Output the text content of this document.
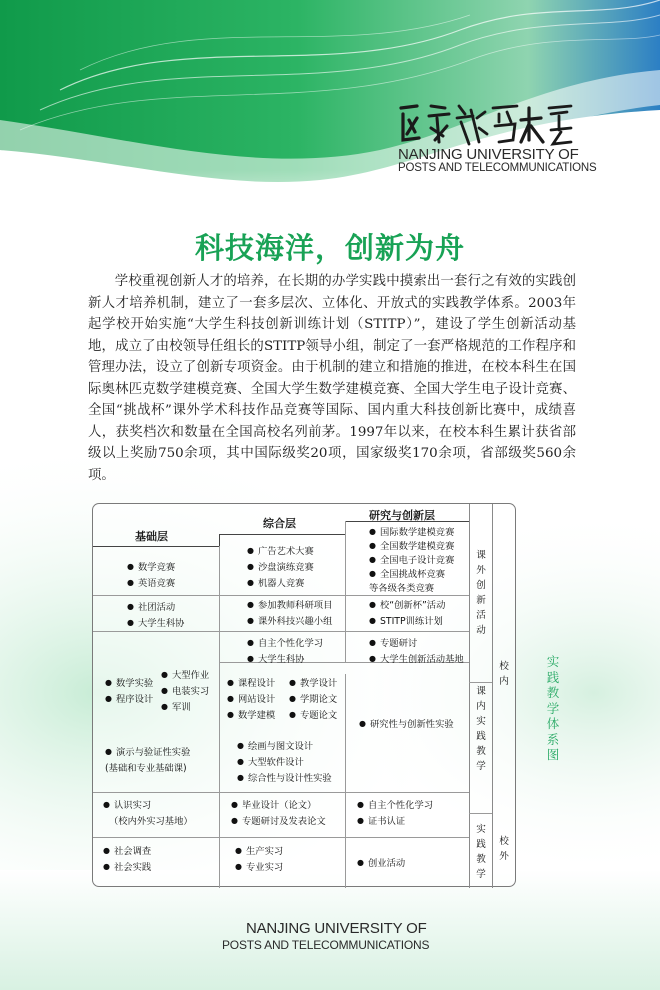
NANJING UNIVERSITY OF
POSTS AND TELECOMMUNICATIONS
科技海洋，创新为舟
学校重视创新人才的培养，在长期的办学实践中摸索出一套行之有效的实践创新人才培养机制，建立了一套多层次、立体化、开放式的实践教学体系。2003年起学校开始实施“大学生科技创新训练计划（STITP）”，建设了学生创新活动基地，成立了由校领导任组长的STITP领导小组，制定了一套严格规范的工作程序和管理办法，设立了创新专项资金。由于机制的建立和措施的推进，在校本科生在国际奥林匹克数学建模竞赛、全国大学生数学建模竞赛、全国大学生电子设计竞赛、全国“挑战杯”课外学术科技作品竞赛等国际、国内重大科技创新比赛中，成绩喜人，获奖档次和数量在全国高校名列前茅。1997年以来，在校本科生累计获省部级以上奖励750余项，其中国际级奖20项，国家级奖170余项，省部级奖560余项。
基础层
综合层
研究与创新层
● 数学竞赛
● 英语竞赛
● 广告艺术大赛
● 沙盘演练竞赛
● 机器人竞赛
● 国际数学建模竞赛
● 全国数学建模竞赛
● 全国电子设计竞赛
● 全国挑战杯竞赛
等各级各类竞赛
● 社团活动
● 大学生科协
● 参加教师科研项目
● 课外科技兴趣小组
● 校“创新杯”活动
● STITP训练计划
● 自主个性化学习
● 大学生科协
● 专题研讨
● 大学生创新活动基地
● 数学实验
● 程序设计
● 大型作业
● 电装实习
● 军训
● 演示与验证性实验
(基础和专业基础课)
● 课程设计
● 网站设计
● 数学建模
● 教学设计
● 学期论文
● 专题论文
● 绘画与图文设计
● 大型软件设计
● 综合性与设计性实验
● 研究性与创新性实验
● 认识实习
（校内外实习基地）
● 毕业设计（论文）
● 专题研讨及发表论文
● 自主个性化学习
● 证书认证
● 社会调查
● 社会实践
● 生产实习
● 专业实习
●	创业活动
课外创新活动
课内实践教学
实践教学
校内
校外
实践教学体系图
NANJING UNIVERSITY OF
POSTS AND TELECOMMUNICATIONS
